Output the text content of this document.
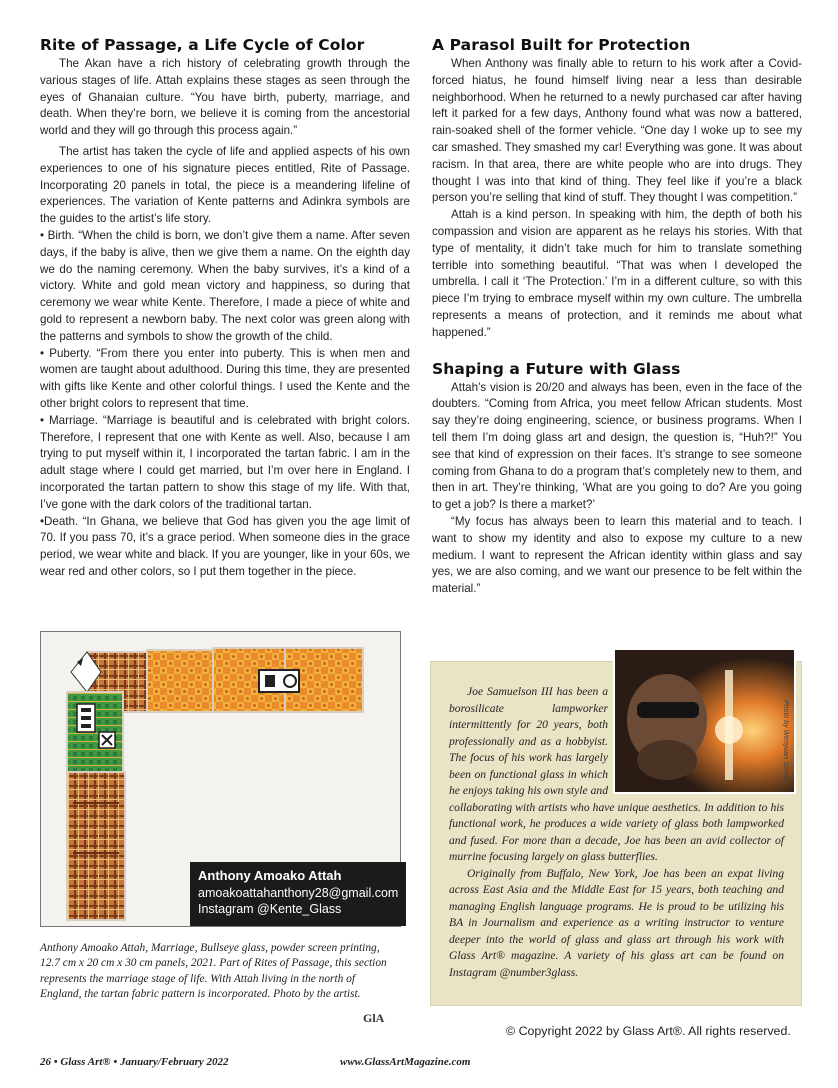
Rite of Passage, a Life Cycle of Color

The Akan have a rich history of celebrating growth through the various stages of life. Attah explains these stages as seen through the eyes of Ghanaian culture. “You have birth, puberty, marriage, and death. When they’re born, we believe it is coming from the ancestorial world and they will go through this process again.”

The artist has taken the cycle of life and applied aspects of his own experiences to one of his signature pieces entitled, Rite of Passage. Incorporating 20 panels in total, the piece is a meandering lifeline of experiences. The variation of Kente patterns and Adinkra symbols are the guides to the artist’s life story.

• Birth. “When the child is born, we don’t give them a name. After seven days, if the baby is alive, then we give them a name. On the eighth day we do the naming ceremony. When the baby survives, it’s a kind of a victory. White and gold mean victory and happiness, so during that ceremony we wear white Kente. Therefore, I made a piece of white and gold to represent a newborn baby. The next color was green along with the patterns and symbols to show the growth of the child.

• Puberty. “From there you enter into puberty. This is when men and women are taught about adulthood. During this time, they are presented with gifts like Kente and other colorful things. I used the Kente and the other bright colors to represent that time.

• Marriage. “Marriage is beautiful and is celebrated with bright colors. Therefore, I represent that one with Kente as well. Also, because I am trying to put myself within it, I incorporated the tartan fabric. I am in the adult stage where I could get married, but I’m over here in England. I incorporated the tartan pattern to show this stage of my life. With that, I’ve gone with the dark colors of the traditional tartan.

•Death. “In Ghana, we believe that God has given you the age limit of 70. If you pass 70, it’s a grace period. When someone dies in the grace period, we wear white and black. If you are younger, like in your 60s, we wear red and other colors, so I put them together in the piece.

A Parasol Built for Protection

When Anthony was finally able to return to his work after a Covid-forced hiatus, he found himself living near a less than desirable neighborhood. When he returned to a newly purchased car after having left it parked for a few days, Anthony found what was now a battered, rain-soaked shell of the former vehicle. “One day I woke up to see my car smashed. They smashed my car! Everything was gone. It was about racism. In that area, there are white people who are into drugs. They thought I was into that kind of thing. They feel like if you’re a black person you’re selling that kind of stuff. They thought I was competition.”

Attah is a kind person. In speaking with him, the depth of both his compassion and vision are apparent as he relays his stories. With that type of mentality, it didn’t take much for him to translate something terrible into something beautiful. “That was when I developed the umbrella. I call it ‘The Protection.’ I’m in a different culture, so with this piece I’m trying to embrace myself within my own culture. The umbrella represents a means of protection, and it reminds me about what happened.”

Shaping a Future with Glass

Attah’s vision is 20/20 and always has been, even in the face of the doubters. “Coming from Africa, you meet fellow African students. Most say they’re doing engineering, science, or business programs. When I tell them I’m doing glass art and design, the question is, “Huh?!” You see that kind of expression on their faces. It’s strange to see someone coming from Ghana to do a program that’s completely new to them, and then in art. They’re thinking, ‘What are you going to do? Are you going to get a job? Is there a market?’

“My focus has always been to learn this material and to teach. I want to show my identity and also to expose my culture to a new medium. I want to represent the African identity within glass and say yes, we are also coming, and we want our presence to be felt within the material.”

Anthony Amoako Attah
amoakoattahanthony28@gmail.com
Instagram @Kente_Glass
Anthony Amoako Attah, Marriage, Bullseye glass, powder screen printing, 12.7 cm x 20 cm x 30 cm panels, 2021. Part of Rites of Passage, this section represents the marriage stage of life. With Attah living in the north of England, the tartan fabric pattern is incorporated. Photo by the artist.
GlA
Photo by Wenyuan Sirmak

Joe Samuelson III has been a borosilicate lampworker intermittently for 20 years, both professionally and as a hobbyist. The focus of his work has largely been on functional glass in which he enjoys taking his own style and collaborating with artists who have unique aesthetics. In addition to his functional work, he produces a wide variety of glass both lampworked and fused. For more than a decade, Joe has been an avid collector of murrine focusing largely on glass butterflies.

Originally from Buffalo, New York, Joe has been an expat living across East Asia and the Middle East for 15 years, both teaching and managing English language programs. He is proud to be utilizing his BA in Journalism and experience as a writing instructor to venture deeper into the world of glass and glass art through his work with Glass Art® magazine. A variety of his glass art can be found on Instagram @number3glass.

© Copyright 2022 by Glass Art®. All rights reserved.
26 • Glass Art® • January/February 2022	www.GlassArtMagazine.com
